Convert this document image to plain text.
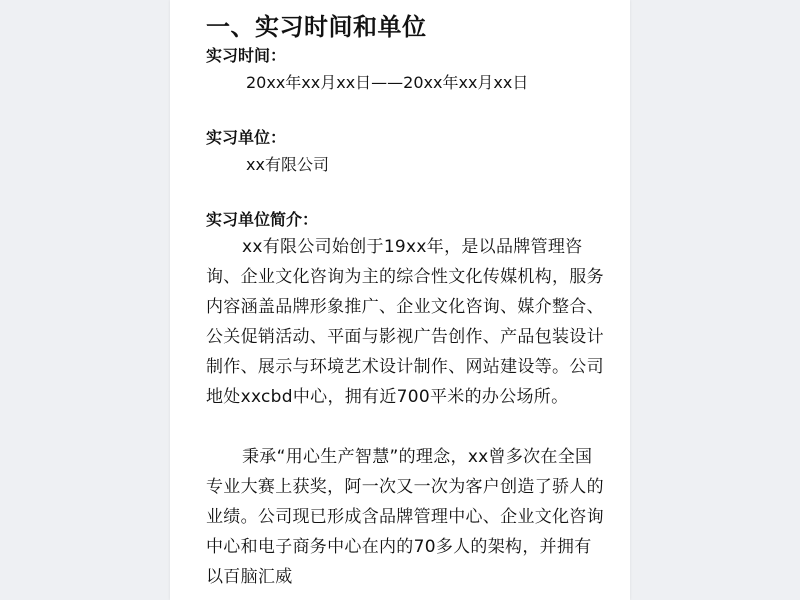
一、实习时间和单位

实习时间：

20xx年xx月xx日——20xx年xx月xx日

实习单位：

xx有限公司

实习单位简介：

xx有限公司始创于19xx年，是以品牌管理咨询、企业文化咨询为主的综合性文化传媒机构，服务内容涵盖品牌形象推广、企业文化咨询、媒介整合、公关促销活动、平面与影视广告创作、产品包装设计制作、展示与环境艺术设计制作、网站建设等。公司地处xxcbd中心，拥有近700平米的办公场所。

秉承“用心生产智慧”的理念，xx曾多次在全国专业大赛上获奖，阿一次又一次为客户创造了骄人的业绩。公司现已形成含品牌管理中心、企业文化咨询中心和电子商务中心在内的70多人的架构，并拥有以百脑汇威
